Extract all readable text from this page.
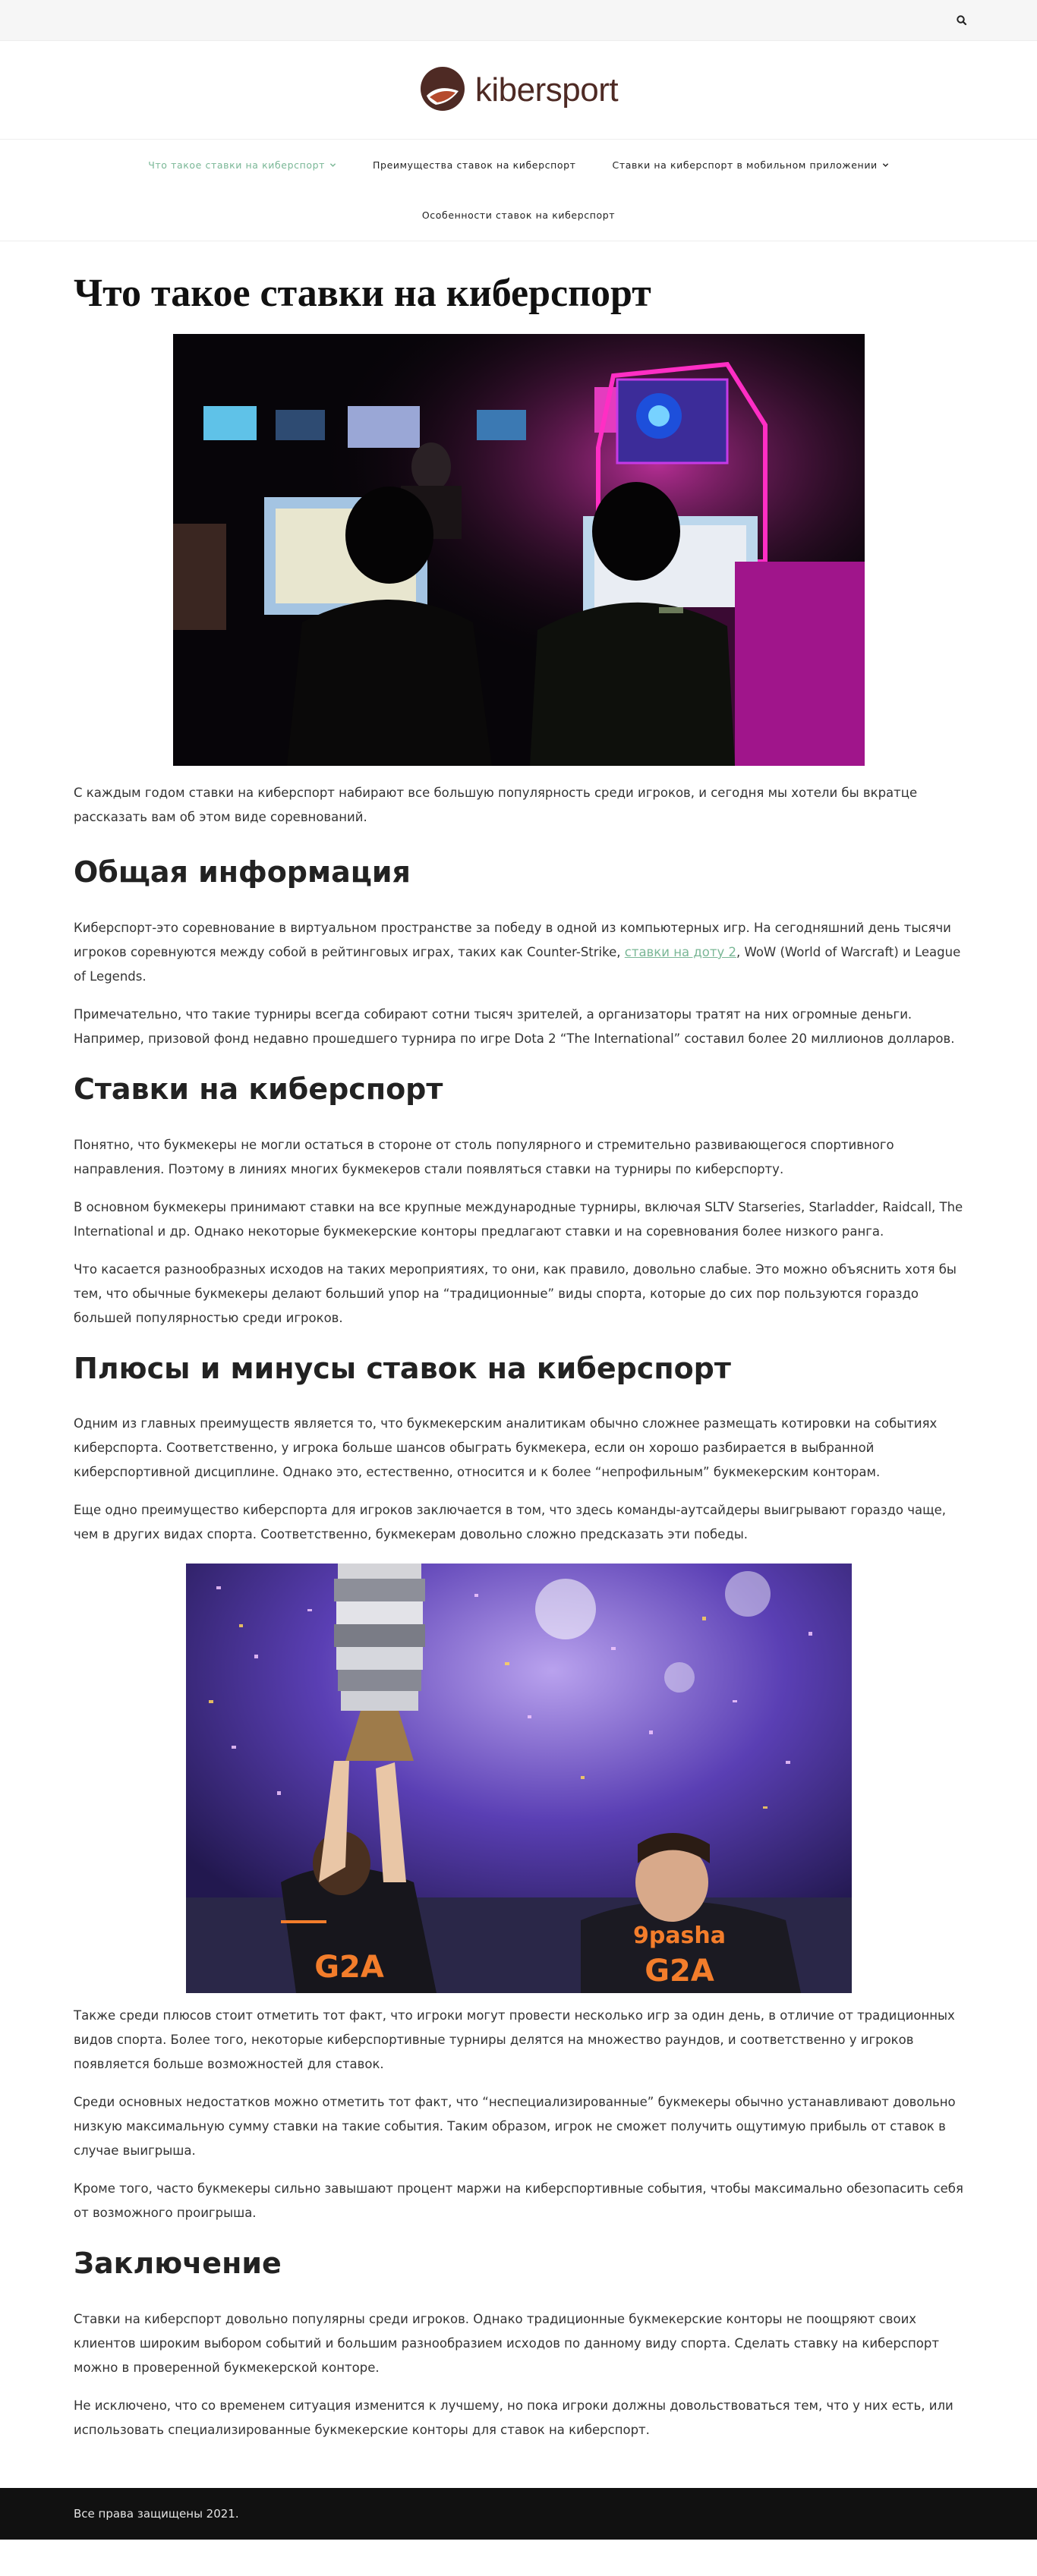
kibersport
Что такое ставки на киберспорт	Преимущества ставок на киберспорт	Ставки на киберспорт в мобильном приложении
Особенности ставок на киберспорт
Что такое ставки на киберспорт

С каждым годом ставки на киберспорт набирают все большую популярность среди игроков, и сегодня мы хотели бы вкратце рассказать вам об этом виде соревнований.

Общая информация

Киберспорт-это соревнование в виртуальном пространстве за победу в одной из компьютерных игр. На сегодняшний день тысячи игроков соревнуются между собой в рейтинговых играх, таких как Counter-Strike, ставки на доту 2, WoW (World of Warcraft) и League of Legends.

Примечательно, что такие турниры всегда собирают сотни тысяч зрителей, а организаторы тратят на них огромные деньги. Например, призовой фонд недавно прошедшего турнира по игре Dota 2 “The International” составил более 20 миллионов долларов.

Ставки на киберспорт

Понятно, что букмекеры не могли остаться в стороне от столь популярного и стремительно развивающегося спортивного направления. Поэтому в линиях многих букмекеров стали появляться ставки на турниры по киберспорту.

В основном букмекеры принимают ставки на все крупные международные турниры, включая SLTV Starseries, Starladder, Raidcall, The International и др. Однако некоторые букмекерские конторы предлагают ставки и на соревнования более низкого ранга.

Что касается разнообразных исходов на таких мероприятиях, то они, как правило, довольно слабые. Это можно объяснить хотя бы тем, что обычные букмекеры делают больший упор на “традиционные” виды спорта, которые до сих пор пользуются гораздо большей популярностью среди игроков.

Плюсы и минусы ставок на киберспорт

Одним из главных преимуществ является то, что букмекерским аналитикам обычно сложнее размещать котировки на событиях киберспорта. Соответственно, у игрока больше шансов обыграть букмекера, если он хорошо разбирается в выбранной киберспортивной дисциплине. Однако это, естественно, относится и к более “непрофильным” букмекерским конторам.

Еще одно преимущество киберспорта для игроков заключается в том, что здесь команды-аутсайдеры выигрывают гораздо чаще, чем в других видах спорта. Соответственно, букмекерам довольно сложно предсказать эти победы.

9pasha
G2A
G2A

Также среди плюсов стоит отметить тот факт, что игроки могут провести несколько игр за один день, в отличие от традиционных видов спорта. Более того, некоторые киберспортивные турниры делятся на множество раундов, и соответственно у игроков появляется больше возможностей для ставок.

Среди основных недостатков можно отметить тот факт, что “неспециализированные” букмекеры обычно устанавливают довольно низкую максимальную сумму ставки на такие события. Таким образом, игрок не сможет получить ощутимую прибыль от ставок в случае выигрыша.

Кроме того, часто букмекеры сильно завышают процент маржи на киберспортивные события, чтобы максимально обезопасить себя от возможного проигрыша.

Заключение

Ставки на киберспорт довольно популярны среди игроков. Однако традиционные букмекерские конторы не поощряют своих клиентов широким выбором событий и большим разнообразием исходов по данному виду спорта. Сделать ставку на киберспорт можно в проверенной букмекерской конторе.

Не исключено, что со временем ситуация изменится к лучшему, но пока игроки должны довольствоваться тем, что у них есть, или использовать специализированные букмекерские конторы для ставок на киберспорт.

Все права защищены 2021.
